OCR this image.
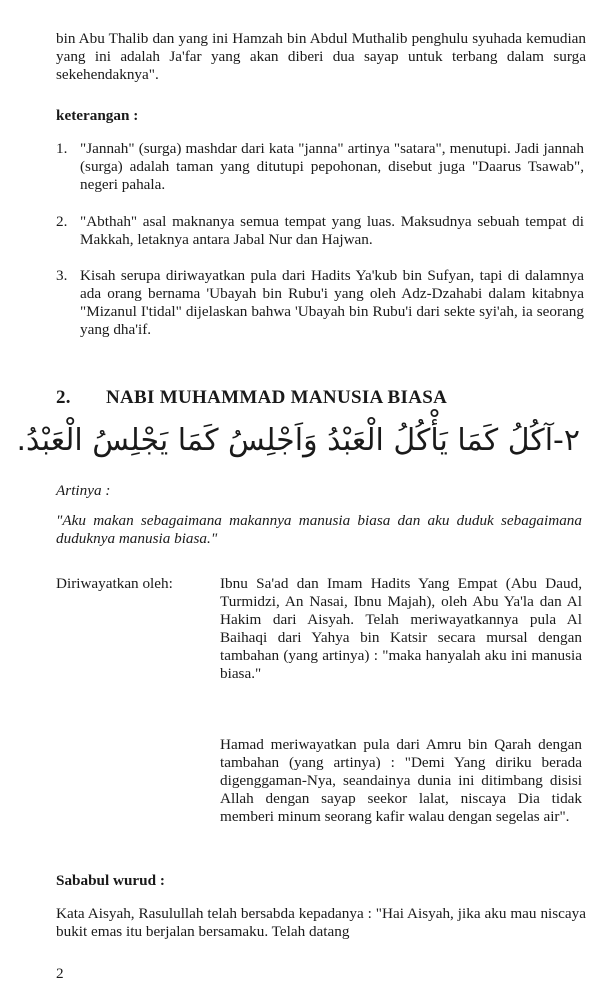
bin Abu Thalib dan yang ini Hamzah bin Abdul Muthalib penghulu syuhada kemudian yang ini adalah Ja'far yang akan diberi dua sayap untuk terbang dalam surga sekehendaknya".

keterangan :
1. "Jannah" (surga) mashdar dari kata "janna" artinya "satara", menutupi. Jadi jannah (surga) adalah taman yang ditutupi pepohonan, disebut juga "Daarus Tsawab", negeri pahala.

2. "Abthah" asal maknanya semua tempat yang luas. Maksudnya sebuah tempat di Makkah, letaknya antara Jabal Nur dan Hajwan.

3. Kisah serupa diriwayatkan pula dari Hadits Ya'kub bin Sufyan, tapi di dalamnya ada orang bernama 'Ubayah bin Rubu'i yang oleh Adz-Dzahabi dalam kitabnya "Mizanul I'tidal" dijelaskan bahwa 'Ubayah bin Rubu'i dari sekte syi'ah, ia seorang yang dha'if.

2. NABI MUHAMMAD MANUSIA BIASA
٢-آكُلُ كَمَا يَأْكُلُ الْعَبْدُ وَاَجْلِسُ كَمَا يَجْلِسُ الْعَبْدُ.
Artinya :

"Aku makan sebagaimana makannya manusia biasa dan aku duduk sebagaimana duduknya manusia biasa."

Diriwayatkan oleh:	Ibnu Sa'ad dan Imam Hadits Yang Empat (Abu Daud, Turmidzi, An Nasai, Ibnu Majah), oleh Abu Ya'la dan Al Hakim dari Aisyah. Telah meriwayatkannya pula Al Baihaqi dari Yahya bin Katsir secara mursal dengan tambahan (yang artinya) : "maka hanyalah aku ini manusia biasa."

Hamad meriwayatkan pula dari Amru bin Qarah dengan tambahan (yang artinya) : "Demi Yang diriku berada digenggaman-Nya, seandainya dunia ini ditimbang disisi Allah dengan sayap seekor lalat, niscaya Dia tidak memberi minum seorang kafir walau dengan segelas air".

Sababul wurud :

Kata Aisyah, Rasulullah telah bersabda kepadanya : "Hai Aisyah, jika aku mau niscaya bukit emas itu berjalan bersamaku. Telah datang

2
